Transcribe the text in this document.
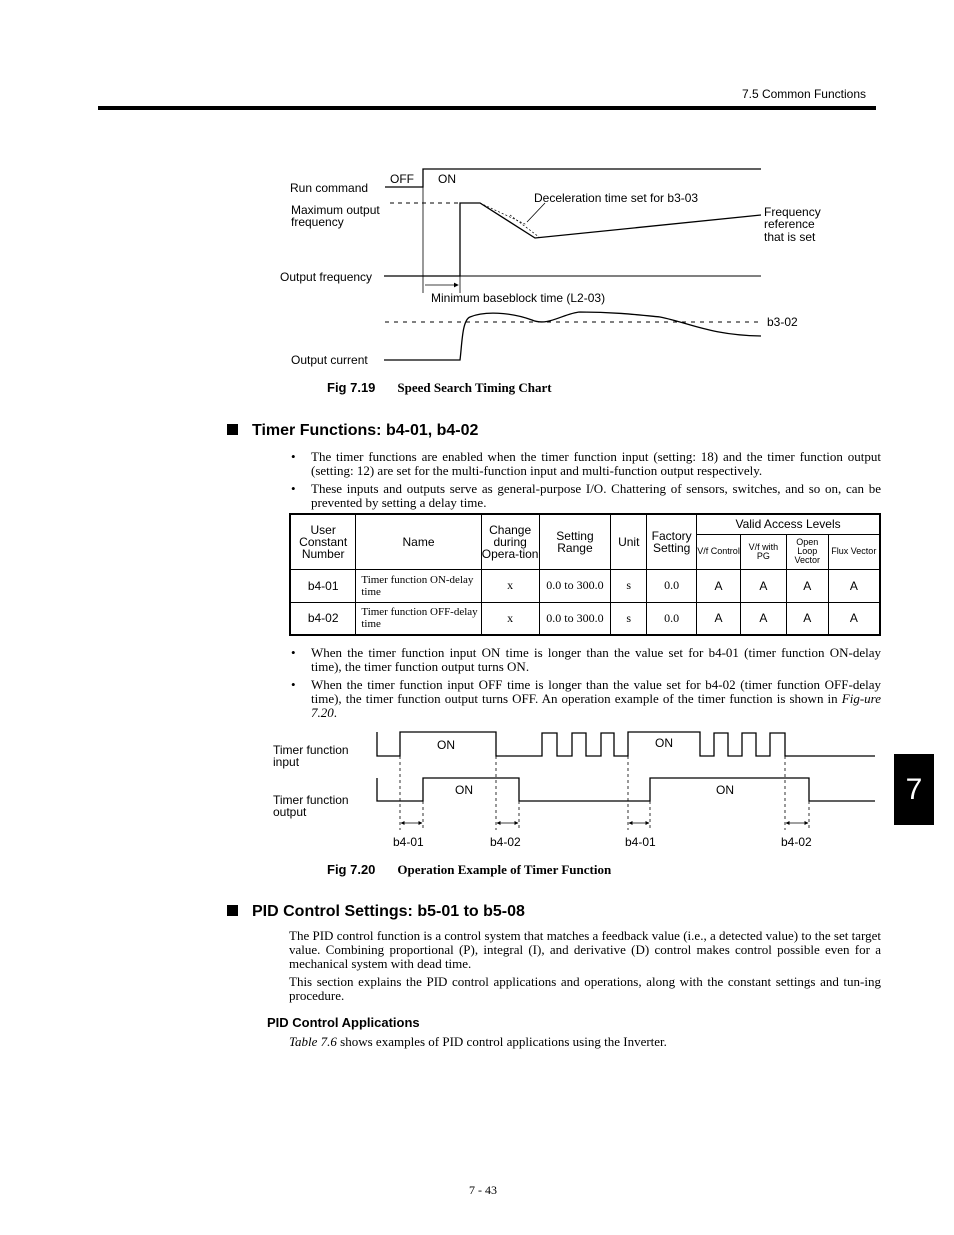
7.5 Common Functions
Run command
OFF ON
Maximum output
frequency
Deceleration time set for b3-03
Frequency
reference
that is set
Output frequency
Minimum baseblock time (L2-03)
b3-02
Output current
Fig 7.19 Speed Search Timing Chart
Timer Functions: b4-01, b4-02
• The timer functions are enabled when the timer function input (setting: 18) and the timer function output (setting: 12) are set for the multi-function input and multi-function output respectively.
• These inputs and outputs serve as general-purpose I/O. Chattering of sensors, switches, and so on, can be prevented by setting a delay time.
User Constant Number	Name	Change during Opera-tion	Setting Range	Unit	Factory Setting	Valid Access Levels			
						V/f Control	V/f with PG	Open Loop Vector	Flux Vector
b4-01	Timer function ON-delay time	x	0.0 to 300.0	s	0.0	A	A	A	A
b4-02	Timer function OFF-delay time	x	0.0 to 300.0	s	0.0	A	A	A	A
• When the timer function input ON time is longer than the value set for b4-01 (timer function ON-delay time), the timer function output turns ON.
• When the timer function input OFF time is longer than the value set for b4-02 (timer function OFF-delay time), the timer function output turns OFF. An operation example of the timer function is shown in Fig-ure 7.20.
Timer function
input
Timer function
output
ON	ON
ON	ON
b4-01	b4-02	b4-01	b4-02
Fig 7.20 Operation Example of Timer Function
PID Control Settings: b5-01 to b5-08

The PID control function is a control system that matches a feedback value (i.e., a detected value) to the set target value. Combining proportional (P), integral (I), and derivative (D) control makes control possible even for a mechanical system with dead time.

This section explains the PID control applications and operations, along with the constant settings and tun-ing procedure.

PID Control Applications

Table 7.6 shows examples of PID control applications using the Inverter.

7
7 - 43
